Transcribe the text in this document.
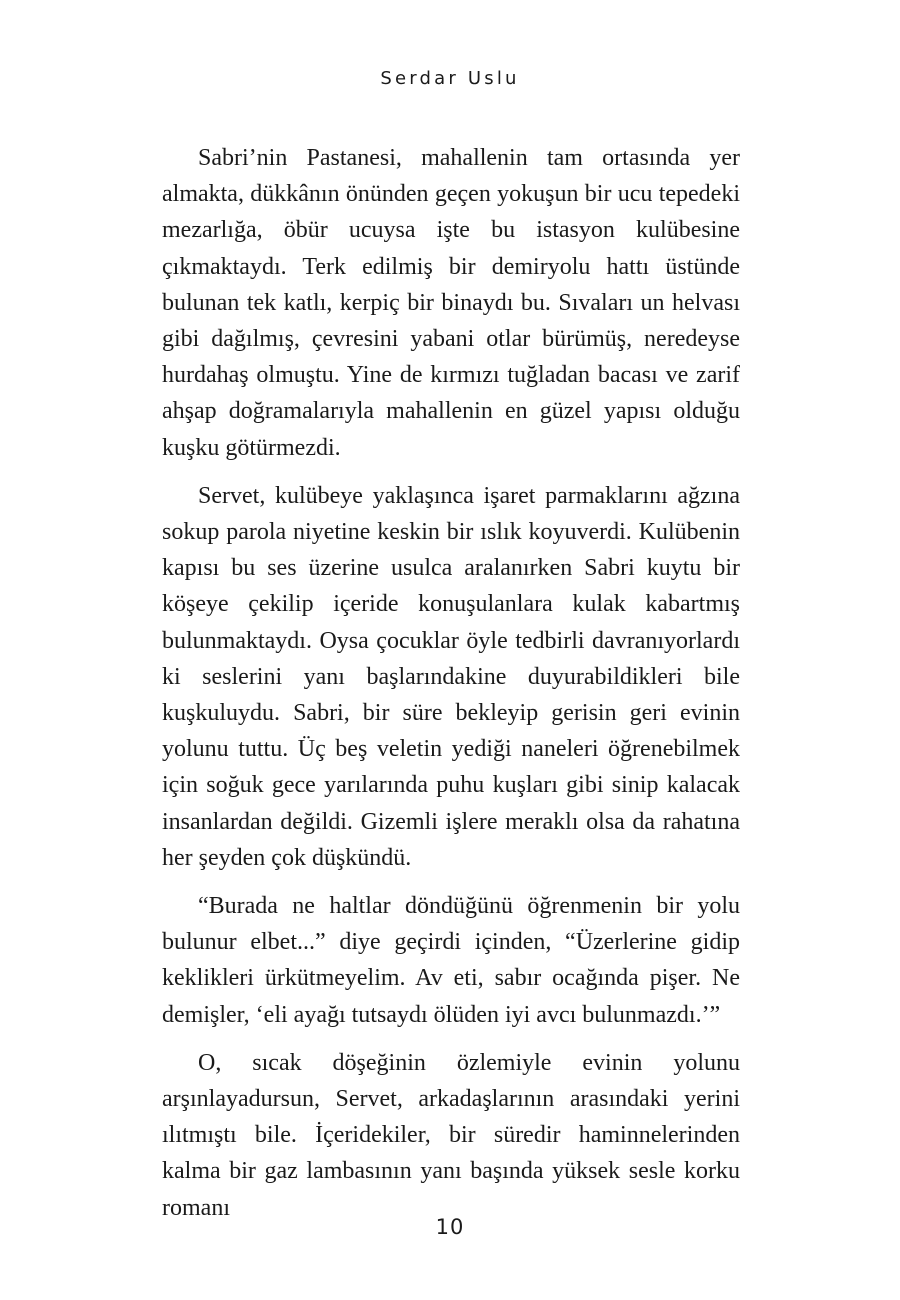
Serdar Uslu

Sabri’nin Pastanesi, mahallenin tam ortasında yer almakta, dükkânın önünden geçen yokuşun bir ucu tepedeki mezarlığa, öbür ucuysa işte bu istasyon kulübesine çıkmaktaydı. Terk edilmiş bir demiryolu hattı üstünde bulunan tek katlı, kerpiç bir binaydı bu. Sıvaları un helvası gibi dağılmış, çevresini yabani otlar bürümüş, neredeyse hurdahaş olmuştu. Yine de kırmızı tuğladan bacası ve zarif ahşap doğramalarıyla mahallenin en güzel yapısı olduğu kuşku götürmezdi.

Servet, kulübeye yaklaşınca işaret parmaklarını ağzına sokup parola niyetine keskin bir ıslık koyuverdi. Kulübenin kapısı bu ses üzerine usulca aralanırken Sabri kuytu bir köşeye çekilip içeride konuşulanlara kulak kabartmış bulunmaktaydı. Oysa çocuklar öyle tedbirli davranıyorlardı ki seslerini yanı başlarındakine duyurabildikleri bile kuşkuluydu. Sabri, bir süre bekleyip gerisin geri evinin yolunu tuttu. Üç beş veletin yediği naneleri öğrenebilmek için soğuk gece yarılarında puhu kuşları gibi sinip kalacak insanlardan değildi. Gizemli işlere meraklı olsa da rahatına her şeyden çok düşkündü.

“Burada ne haltlar döndüğünü öğrenmenin bir yolu bulunur elbet...” diye geçirdi içinden, “Üzerlerine gidip keklikleri ürkütmeyelim. Av eti, sabır ocağında pişer. Ne demişler, ‘eli ayağı tutsaydı ölüden iyi avcı bulunmazdı.’”

O, sıcak döşeğinin özlemiyle evinin yolunu arşınlayadursun, Servet, arkadaşlarının arasındaki yerini ılıtmıştı bile. İçeridekiler, bir süredir haminnelerinden kalma bir gaz lambasının yanı başında yüksek sesle korku romanı

10
